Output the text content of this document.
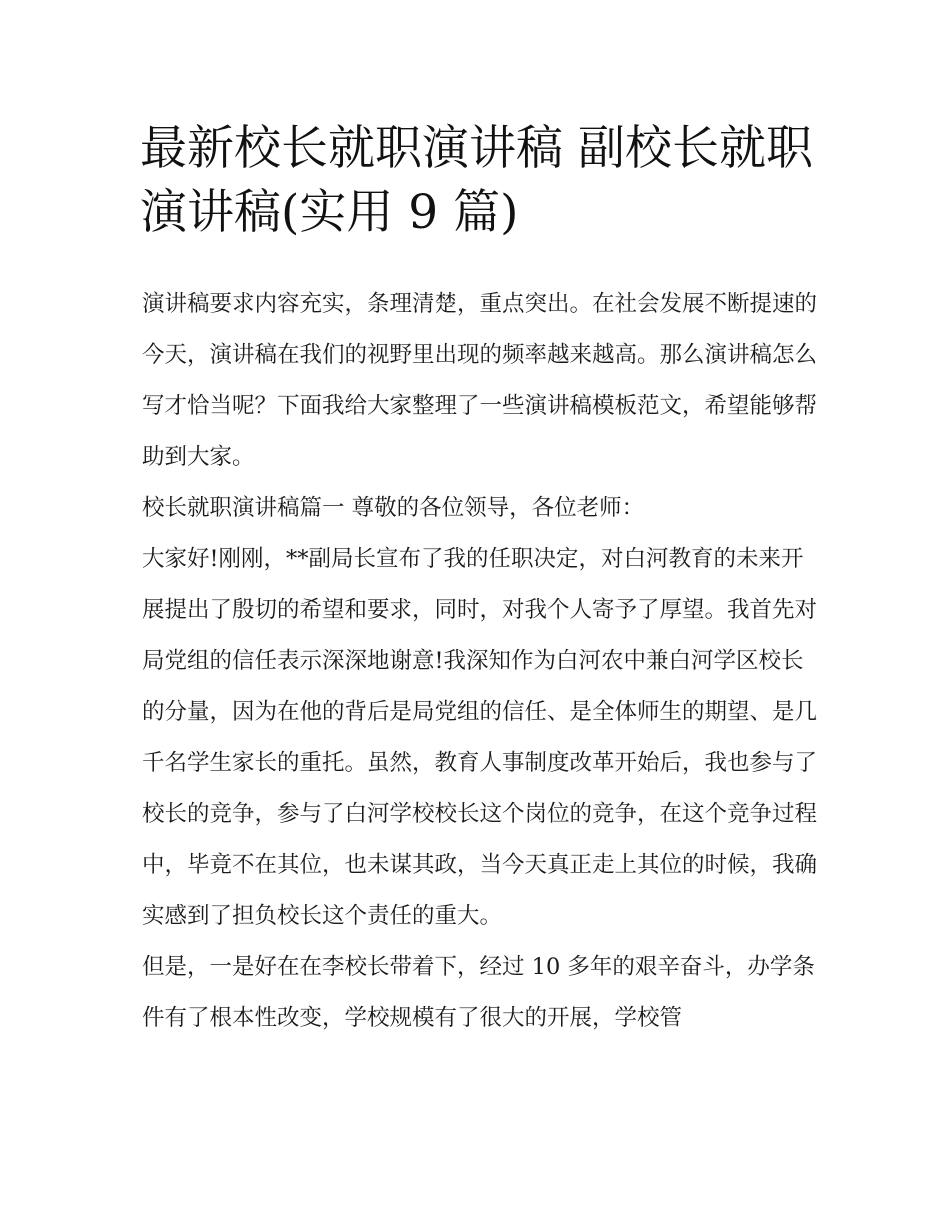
最新校长就职演讲稿 副校长就职演讲稿(实用 9 篇)

演讲稿要求内容充实，条理清楚，重点突出。在社会发展不断提速的今天，演讲稿在我们的视野里出现的频率越来越高。那么演讲稿怎么写才恰当呢？下面我给大家整理了一些演讲稿模板范文，希望能够帮助到大家。

校长就职演讲稿篇一 尊敬的各位领导，各位老师：

大家好!刚刚，**副局长宣布了我的任职决定，对白河教育的未来开展提出了殷切的希望和要求，同时，对我个人寄予了厚望。我首先对局党组的信任表示深深地谢意!我深知作为白河农中兼白河学区校长的分量，因为在他的背后是局党组的信任、是全体师生的期望、是几千名学生家长的重托。虽然，教育人事制度改革开始后，我也参与了校长的竞争，参与了白河学校校长这个岗位的竞争，在这个竞争过程中，毕竟不在其位，也未谋其政，当今天真正走上其位的时候，我确实感到了担负校长这个责任的重大。

但是，一是好在在李校长带着下，经过 10 多年的艰辛奋斗，办学条件有了根本性改变，学校规模有了很大的开展，学校管
